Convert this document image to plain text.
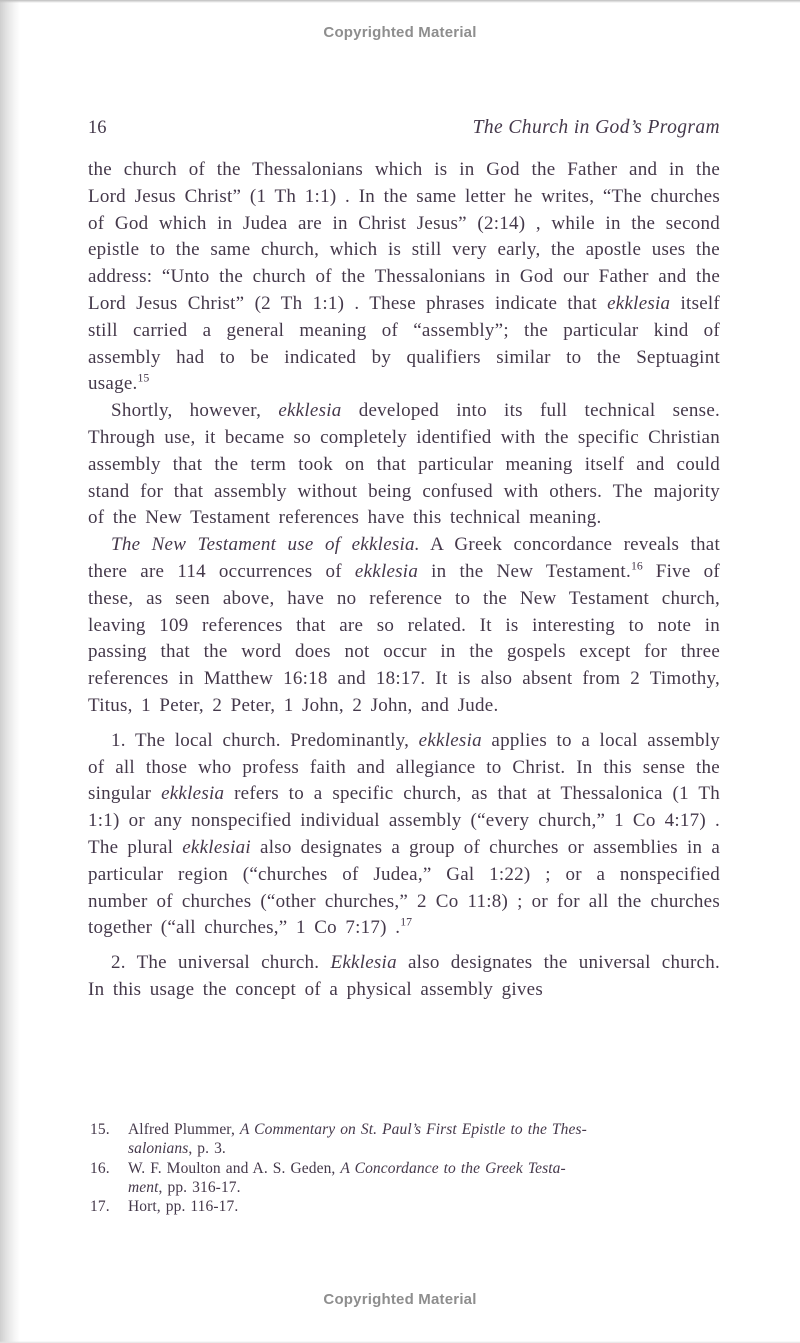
Copyrighted Material
16	The Church in God’s Program

the church of the Thessalonians which is in God the Father and in the Lord Jesus Christ” (1 Th 1:1) . In the same letter he writes, “The churches of God which in Judea are in Christ Jesus” (2:14) , while in the second epistle to the same church, which is still very early, the apostle uses the address: “Unto the church of the Thessalonians in God our Father and the Lord Jesus Christ” (2 Th 1:1) . These phrases indicate that ekklesia itself still carried a general meaning of “assembly”; the particular kind of assembly had to be indicated by qualifiers similar to the Septuagint usage.$^{15}$

Shortly, however, ekklesia developed into its full technical sense. Through use, it became so completely identified with the specific Christian assembly that the term took on that particular meaning itself and could stand for that assembly without being confused with others. The majority of the New Testament references have this technical meaning.

The New Testament use of ekklesia. A Greek concordance reveals that there are 114 occurrences of ekklesia in the New Testament.$^{16}$ Five of these, as seen above, have no reference to the New Testament church, leaving 109 references that are so related. It is interesting to note in passing that the word does not occur in the gospels except for three references in Matthew 16:18 and 18:17. It is also absent from 2 Timothy, Titus, 1 Peter, 2 Peter, 1 John, 2 John, and Jude.

1. The local church. Predominantly, ekklesia applies to a local assembly of all those who profess faith and allegiance to Christ. In this sense the singular ekklesia refers to a specific church, as that at Thessalonica (1 Th 1:1) or any nonspecified individual assembly (“every church,” 1 Co 4:17) . The plural ekklesiai also designates a group of churches or assemblies in a particular region (“churches of Judea,” Gal 1:22) ; or a nonspecified number of churches (“other churches,” 2 Co 11:8) ; or for all the churches together (“all churches,” 1 Co 7:17) .$^{17}$

2. The universal church. Ekklesia also designates the universal church. In this usage the concept of a physical assembly gives

15. Alfred Plummer, A Commentary on St. Paul’s First Epistle to the Thes-
salonians, p. 3.
16. W. F. Moulton and A. S. Geden, A Concordance to the Greek Testa-
ment, pp. 316-17.
17. Hort, pp. 116-17.
Copyrighted Material
